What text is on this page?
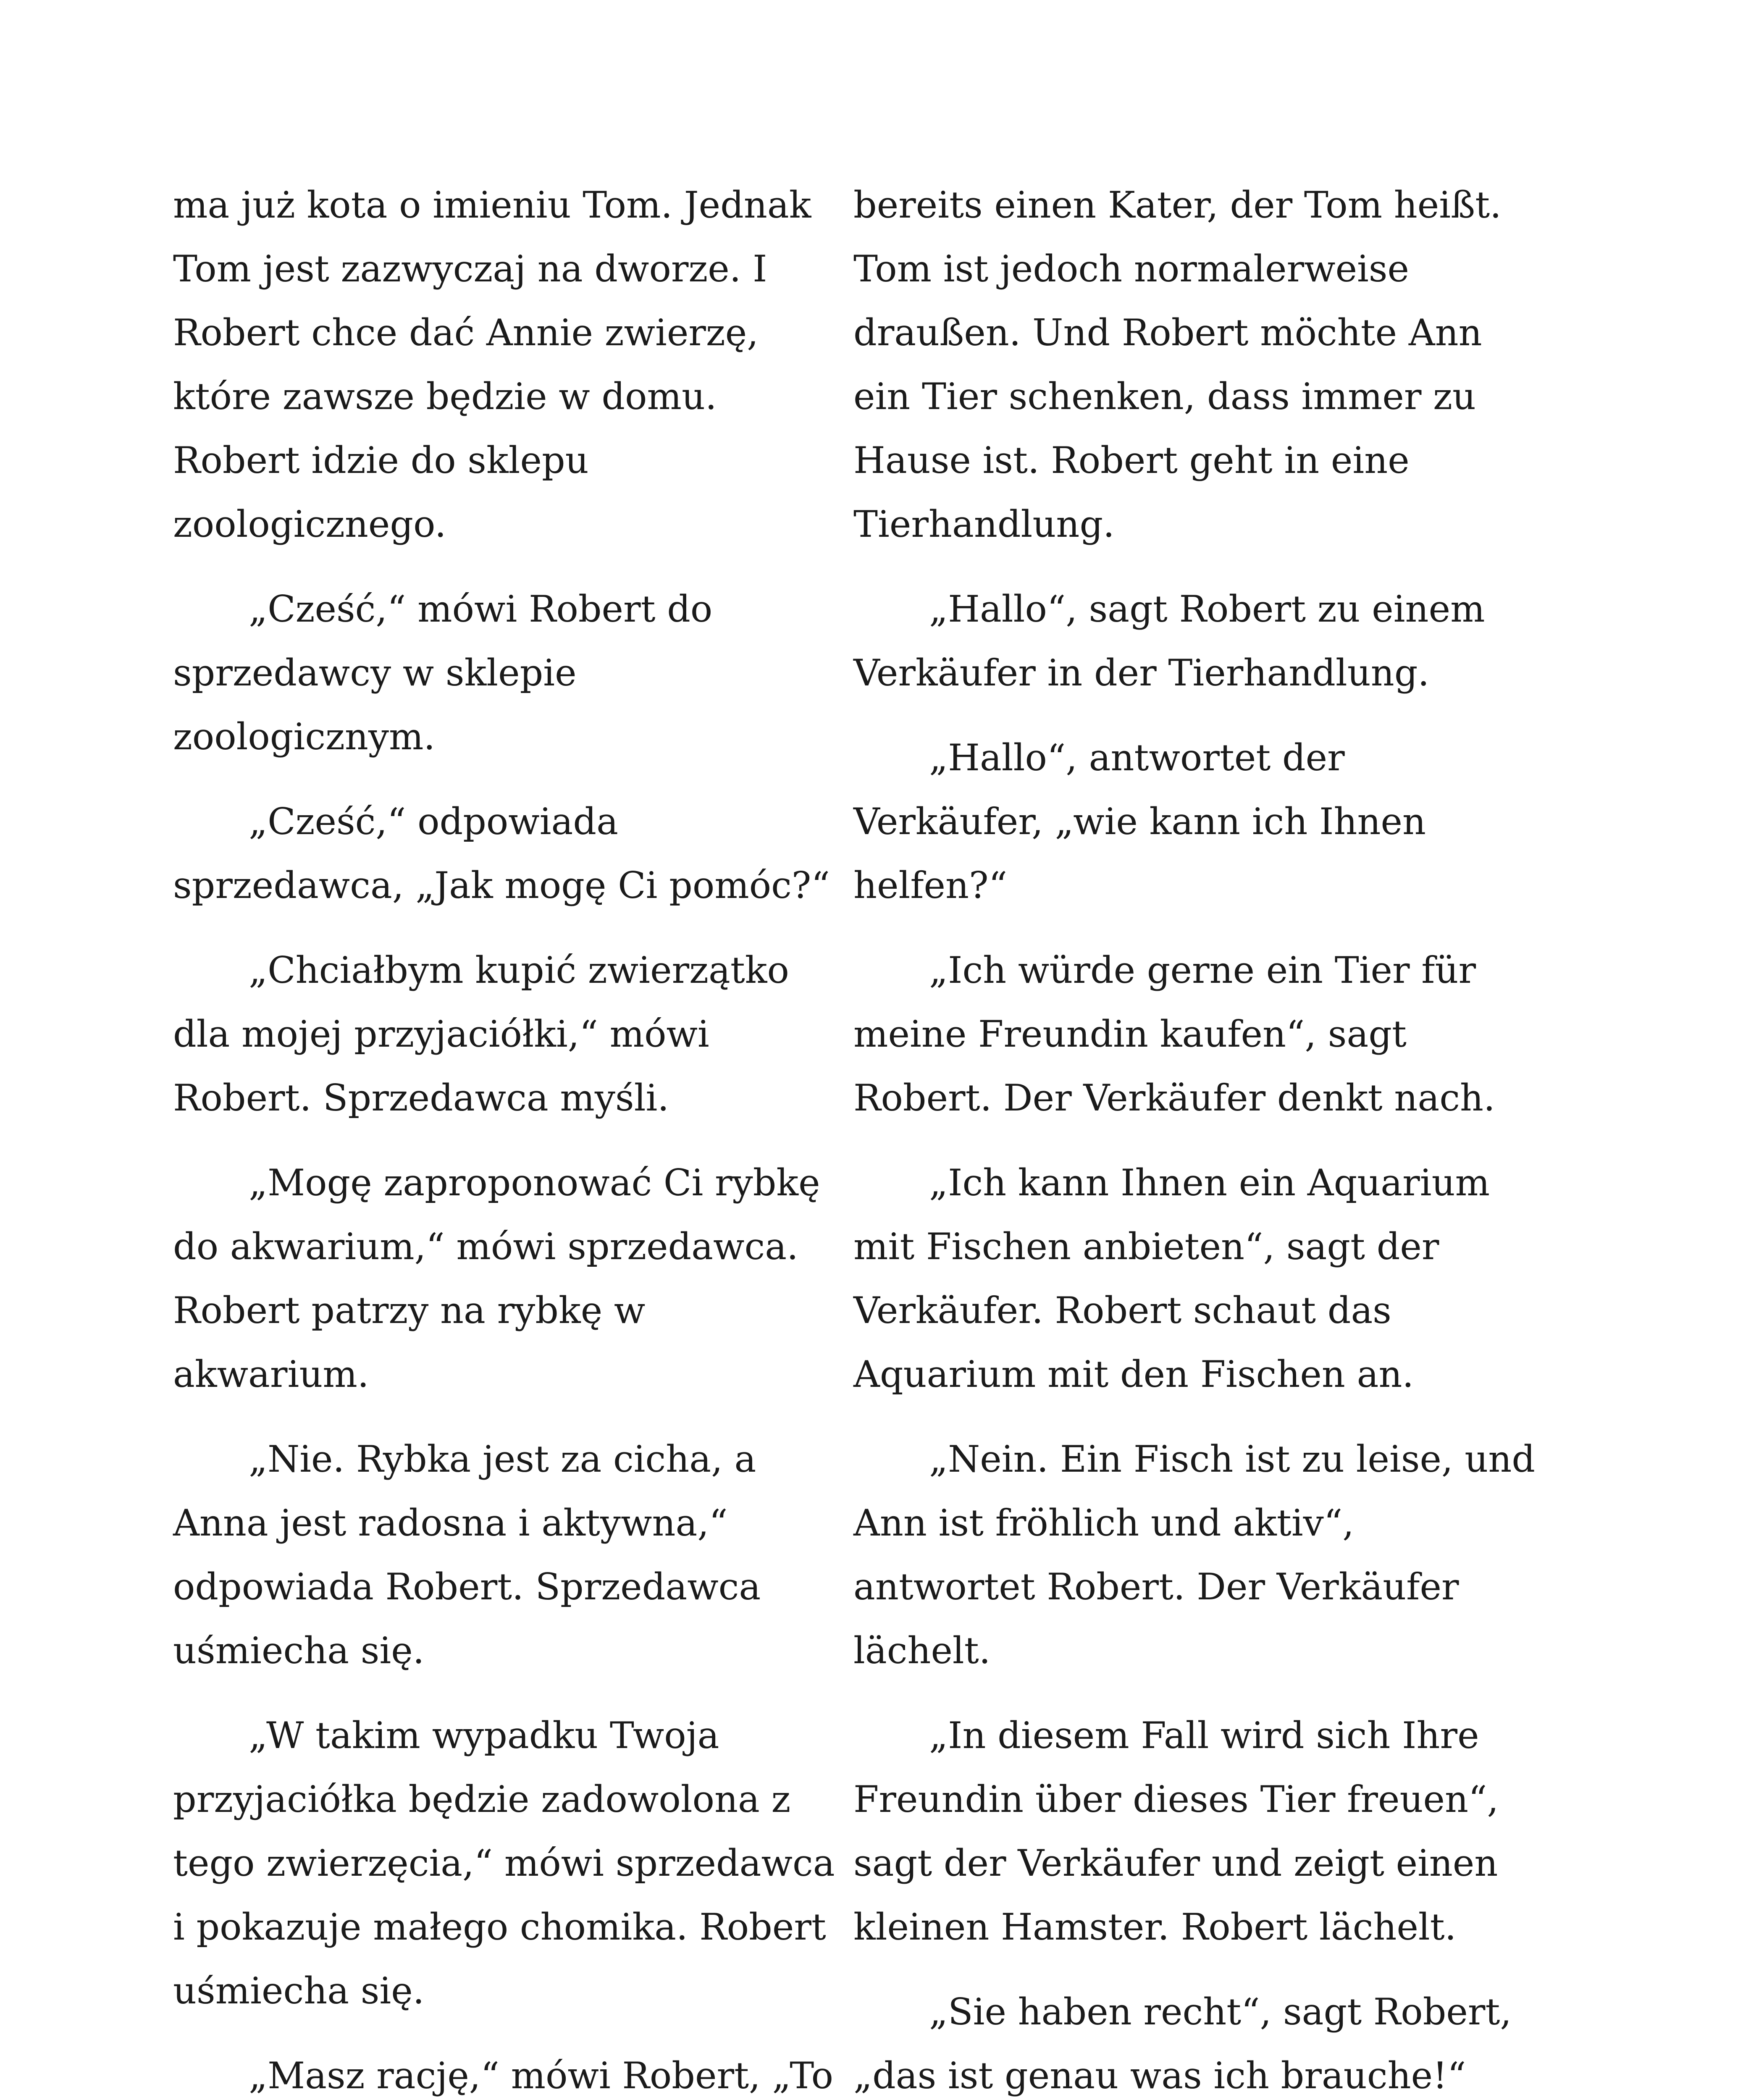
ma już kota o imieniu Tom. Jednak
Tom jest zazwyczaj na dworze. I
Robert chce dać Annie zwierzę,
które zawsze będzie w domu.
Robert idzie do sklepu
zoologicznego.
„Cześć,“ mówi Robert do
sprzedawcy w sklepie
zoologicznym.
„Cześć,“ odpowiada
sprzedawca, „Jak mogę Ci pomóc?“
„Chciałbym kupić zwierzątko
dla mojej przyjaciółki,“ mówi
Robert. Sprzedawca myśli.
„Mogę zaproponować Ci rybkę
do akwarium,“ mówi sprzedawca.
Robert patrzy na rybkę w
akwarium.
„Nie. Rybka jest za cicha, a
Anna jest radosna i aktywna,“
odpowiada Robert. Sprzedawca
uśmiecha się.
„W takim wypadku Twoja
przyjaciółka będzie zadowolona z
tego zwierzęcia,“ mówi sprzedawca
i pokazuje małego chomika. Robert
uśmiecha się.
„Masz rację,“ mówi Robert, „To
bereits einen Kater, der Tom heißt.
Tom ist jedoch normalerweise
draußen. Und Robert möchte Ann
ein Tier schenken, dass immer zu
Hause ist. Robert geht in eine
Tierhandlung.
„Hallo“, sagt Robert zu einem
Verkäufer in der Tierhandlung.
„Hallo“, antwortet der
Verkäufer, „wie kann ich Ihnen
helfen?“
„Ich würde gerne ein Tier für
meine Freundin kaufen“, sagt
Robert. Der Verkäufer denkt nach.
„Ich kann Ihnen ein Aquarium
mit Fischen anbieten“, sagt der
Verkäufer. Robert schaut das
Aquarium mit den Fischen an.
„Nein. Ein Fisch ist zu leise, und
Ann ist fröhlich und aktiv“,
antwortet Robert. Der Verkäufer
lächelt.
„In diesem Fall wird sich Ihre
Freundin über dieses Tier freuen“,
sagt der Verkäufer und zeigt einen
kleinen Hamster. Robert lächelt.
„Sie haben recht“, sagt Robert,
„das ist genau was ich brauche!“
